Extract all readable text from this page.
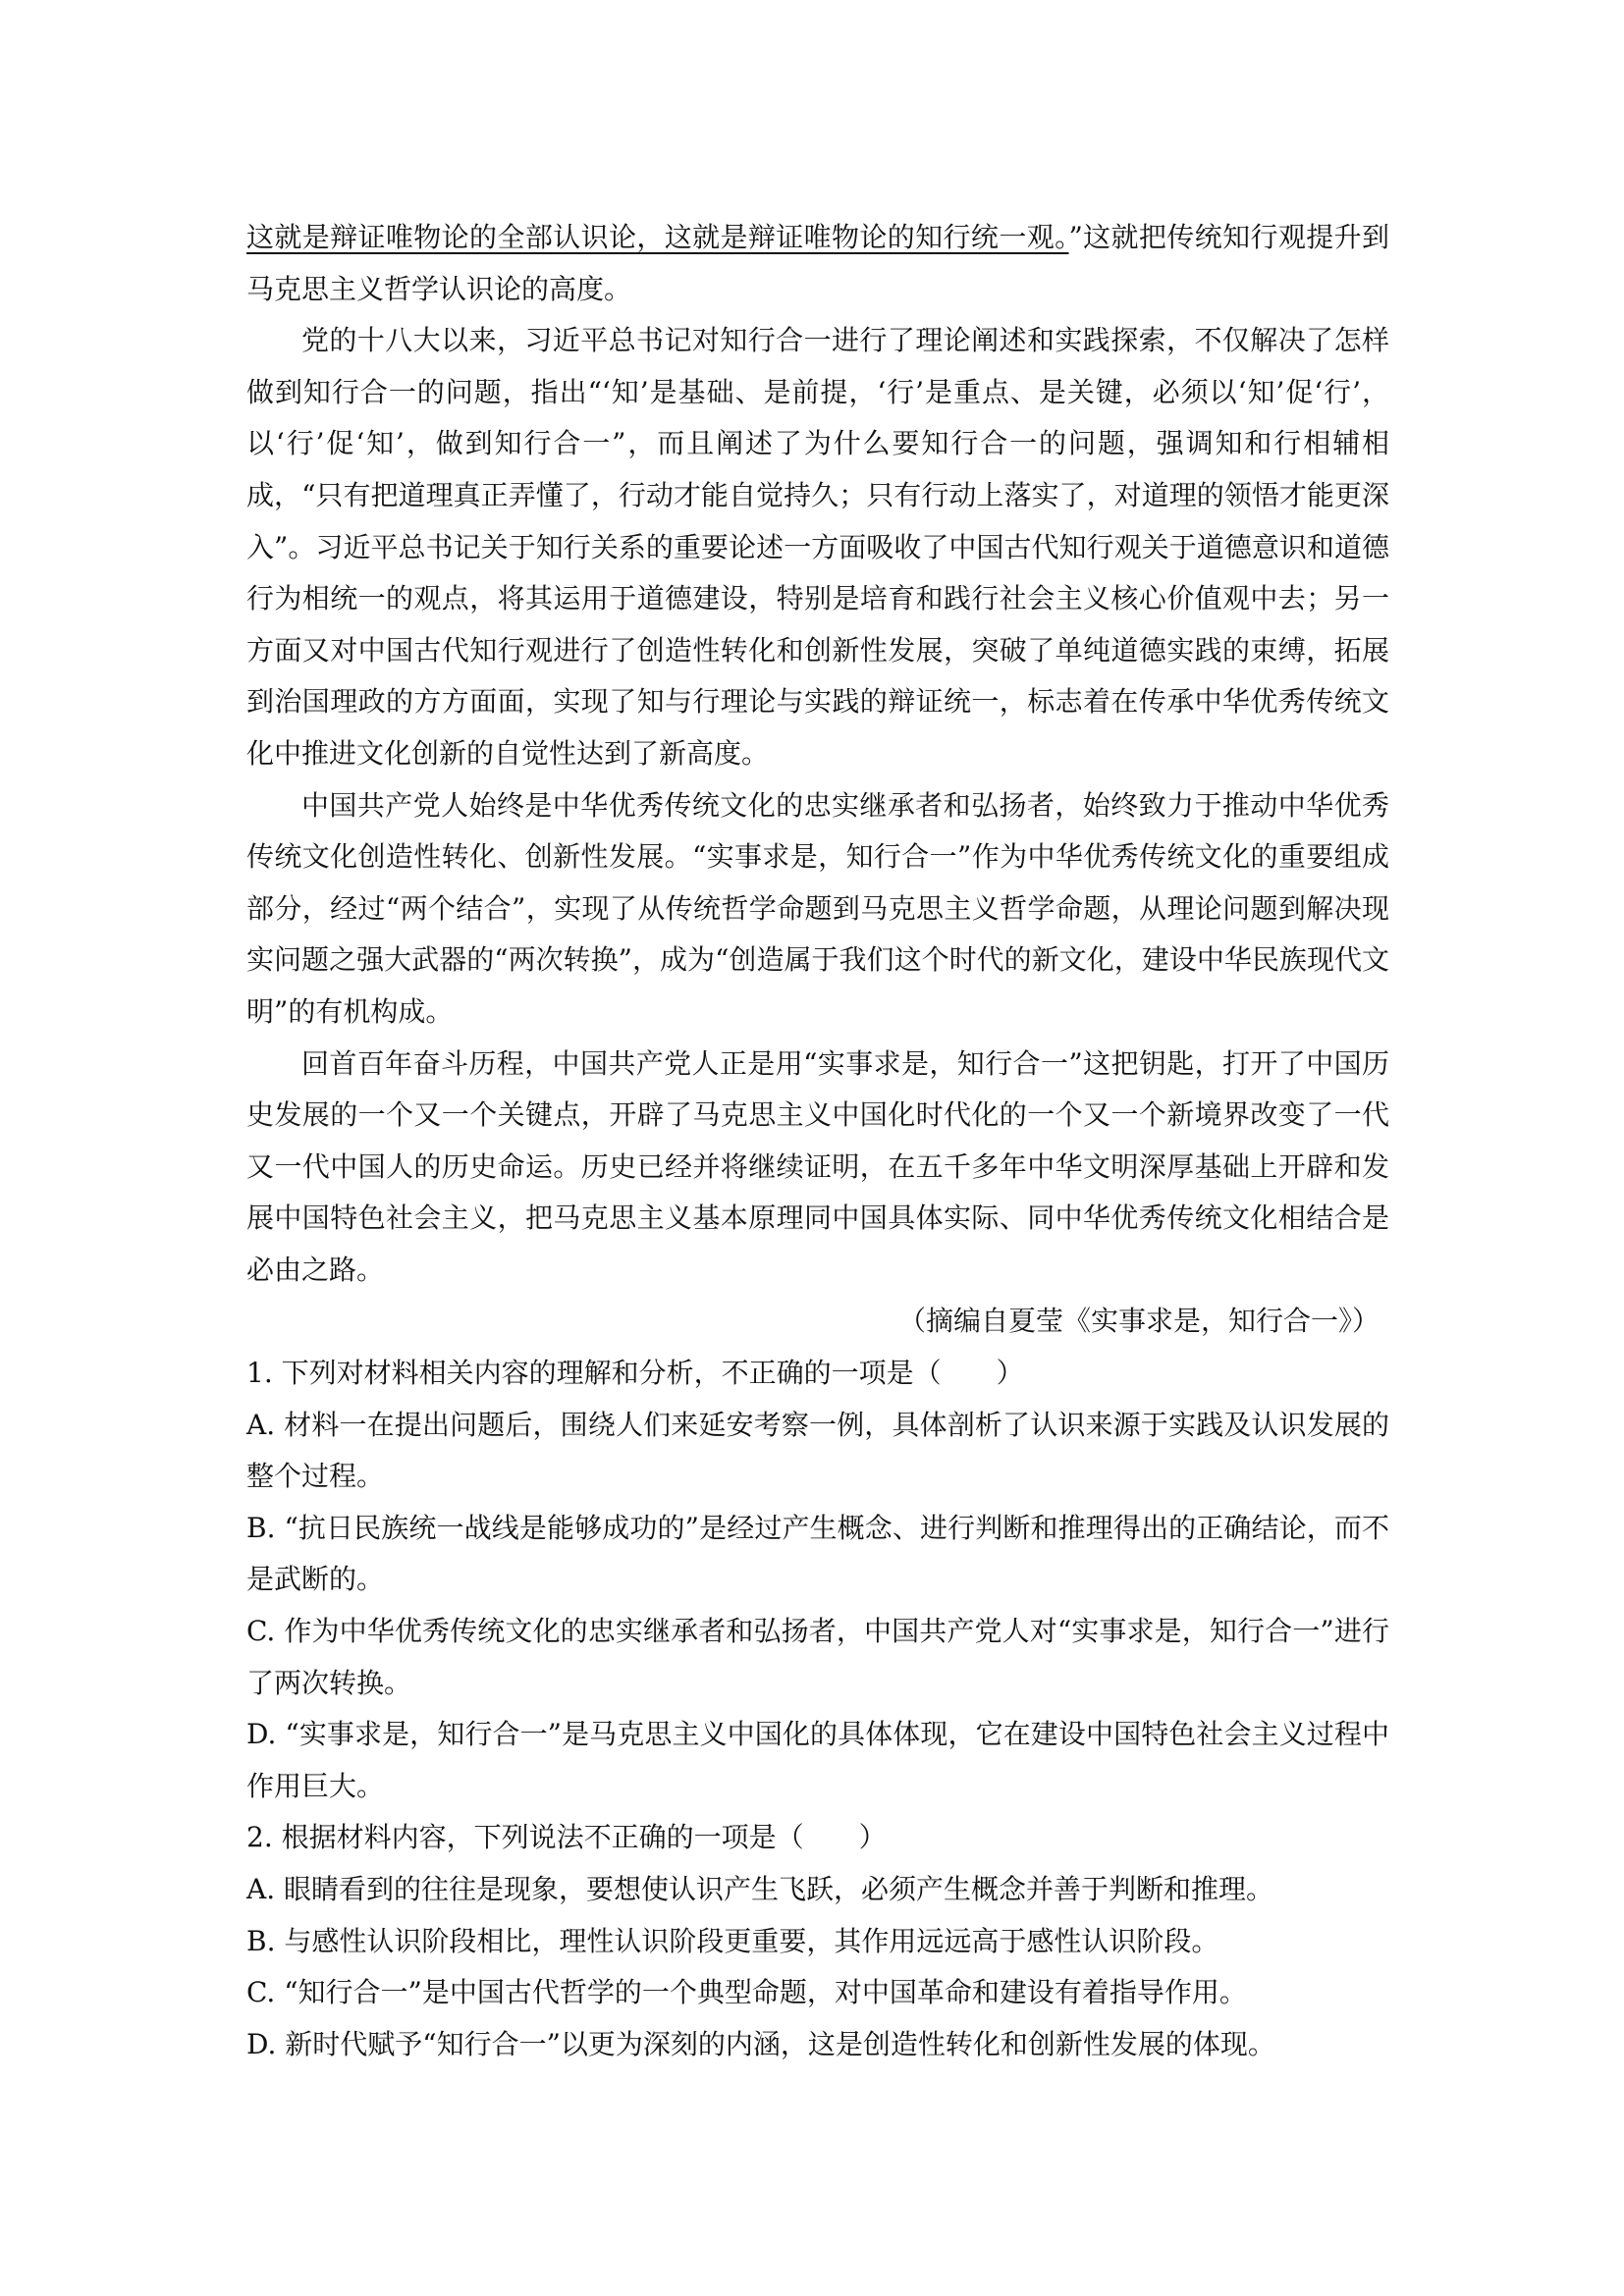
这就是辩证唯物论的全部认识论，这就是辩证唯物论的知行统一观。”这就把传统知行观提升到马克思主义哲学认识论的高度。

党的十八大以来，习近平总书记对知行合一进行了理论阐述和实践探索，不仅解决了怎样做到知行合一的问题，指出“‘知’是基础、是前提，‘行’是重点、是关键，必须以‘知’促‘行’，以‘行’促‘知’，做到知行合一”，而且阐述了为什么要知行合一的问题，强调知和行相辅相成，“只有把道理真正弄懂了，行动才能自觉持久；只有行动上落实了，对道理的领悟才能更深入”。习近平总书记关于知行关系的重要论述一方面吸收了中国古代知行观关于道德意识和道德行为相统一的观点，将其运用于道德建设，特别是培育和践行社会主义核心价值观中去；另一方面又对中国古代知行观进行了创造性转化和创新性发展，突破了单纯道德实践的束缚，拓展到治国理政的方方面面，实现了知与行理论与实践的辩证统一，标志着在传承中华优秀传统文化中推进文化创新的自觉性达到了新高度。

中国共产党人始终是中华优秀传统文化的忠实继承者和弘扬者，始终致力于推动中华优秀传统文化创造性转化、创新性发展。“实事求是，知行合一”作为中华优秀传统文化的重要组成部分，经过“两个结合”，实现了从传统哲学命题到马克思主义哲学命题，从理论问题到解决现实问题之强大武器的“两次转换”，成为“创造属于我们这个时代的新文化，建设中华民族现代文明”的有机构成。

回首百年奋斗历程，中国共产党人正是用“实事求是，知行合一”这把钥匙，打开了中国历史发展的一个又一个关键点，开辟了马克思主义中国化时代化的一个又一个新境界改变了一代又一代中国人的历史命运。历史已经并将继续证明，在五千多年中华文明深厚基础上开辟和发展中国特色社会主义，把马克思主义基本原理同中国具体实际、同中华优秀传统文化相结合是必由之路。

（摘编自夏莹《实事求是，知行合一》）

1. 下列对材料相关内容的理解和分析，不正确的一项是（　　）

A. 材料一在提出问题后，围绕人们来延安考察一例，具体剖析了认识来源于实践及认识发展的整个过程。

B. “抗日民族统一战线是能够成功的”是经过产生概念、进行判断和推理得出的正确结论，而不是武断的。

C. 作为中华优秀传统文化的忠实继承者和弘扬者，中国共产党人对“实事求是，知行合一”进行了两次转换。

D. “实事求是，知行合一”是马克思主义中国化的具体体现，它在建设中国特色社会主义过程中作用巨大。

2. 根据材料内容，下列说法不正确的一项是（　　）

A. 眼睛看到的往往是现象，要想使认识产生飞跃，必须产生概念并善于判断和推理。

B. 与感性认识阶段相比，理性认识阶段更重要，其作用远远高于感性认识阶段。

C. “知行合一”是中国古代哲学的一个典型命题，对中国革命和建设有着指导作用。

D. 新时代赋予“知行合一”以更为深刻的内涵，这是创造性转化和创新性发展的体现。
